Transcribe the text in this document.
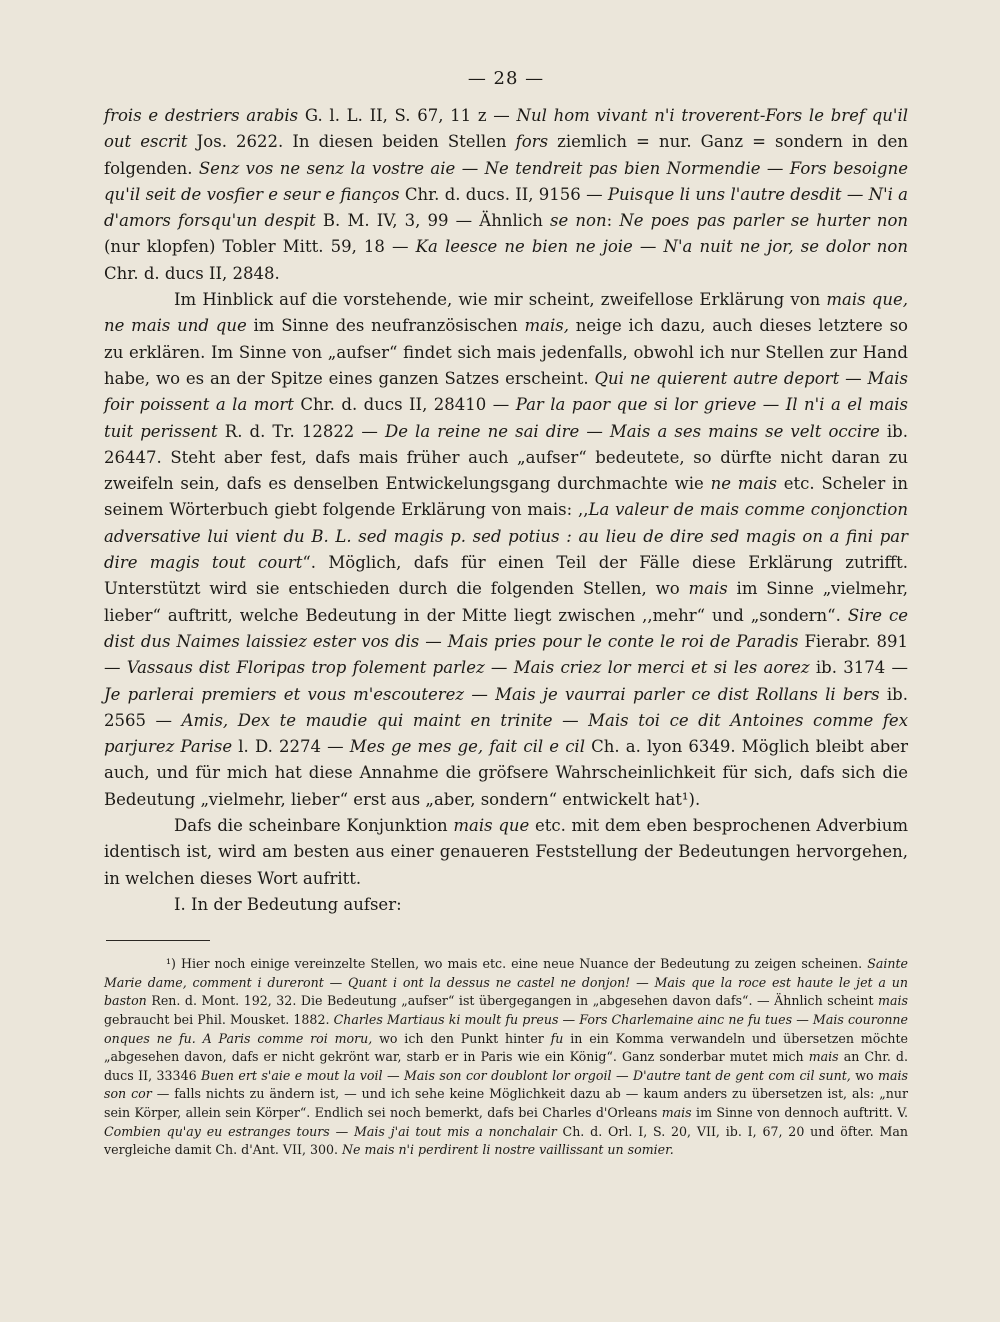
— 28 —

frois e destriers arabis G. l. L. II, S. 67, 11 z — Nul hom vivant n'i troverent-Fors le bref qu'il out escrit Jos. 2622. In diesen beiden Stellen fors ziemlich = nur. Ganz = sondern in den folgenden. Senz vos ne senz la vostre aie — Ne tendreit pas bien Normendie — Fors besoigne qu'il seit de vosfier e seur e fianços Chr. d. ducs. II, 9156 — Puisque li uns l'autre desdit — N'i a d'amors forsqu'un despit B. M. IV, 3, 99 — Ähnlich se non: Ne poes pas parler se hurter non (nur klopfen) Tobler Mitt. 59, 18 — Ka leesce ne bien ne joie — N'a nuit ne jor, se dolor non Chr. d. ducs II, 2848.

Im Hinblick auf die vorstehende, wie mir scheint, zweifellose Erklärung von mais que, ne mais und que im Sinne des neufranzösischen mais, neige ich dazu, auch dieses letztere so zu erklären. Im Sinne von „aufser“ findet sich mais jedenfalls, obwohl ich nur Stellen zur Hand habe, wo es an der Spitze eines ganzen Satzes erscheint. Qui ne quierent autre deport — Mais foir poissent a la mort Chr. d. ducs II, 28410 — Par la paor que si lor grieve — Il n'i a el mais tuit perissent R. d. Tr. 12822 — De la reine ne sai dire — Mais a ses mains se velt occire ib. 26447. Steht aber fest, dafs mais früher auch „aufser“ bedeutete, so dürfte nicht daran zu zweifeln sein, dafs es denselben Entwickelungsgang durchmachte wie ne mais etc. Scheler in seinem Wörterbuch giebt folgende Erklärung von mais: ,,La valeur de mais comme conjonction adversative lui vient du B. L. sed magis p. sed potius : au lieu de dire sed magis on a fini par dire magis tout court“. Möglich, dafs für einen Teil der Fälle diese Erklärung zutrifft. Unterstützt wird sie entschieden durch die folgenden Stellen, wo mais im Sinne „vielmehr, lieber“ auftritt, welche Bedeutung in der Mitte liegt zwischen ,,mehr“ und „sondern“. Sire ce dist dus Naimes laissiez ester vos dis — Mais pries pour le conte le roi de Paradis Fierabr. 891 — Vassaus dist Floripas trop folement parlez — Mais criez lor merci et si les aorez ib. 3174 — Je parlerai premiers et vous m'escouterez — Mais je vaurrai parler ce dist Rollans li bers ib. 2565 — Amis, Dex te maudie qui maint en trinite — Mais toi ce dit Antoines comme fex parjurez Parise l. D. 2274 — Mes ge mes ge, fait cil e cil Ch. a. lyon 6349. Möglich bleibt aber auch, und für mich hat diese Annahme die gröfsere Wahrscheinlichkeit für sich, dafs sich die Bedeutung „vielmehr, lieber“ erst aus „aber, sondern“ entwickelt hat¹).

Dafs die scheinbare Konjunktion mais que etc. mit dem eben besprochenen Adverbium identisch ist, wird am besten aus einer genaueren Feststellung der Bedeutungen hervorgehen, in welchen dieses Wort aufritt.

I. In der Bedeutung aufser:

¹) Hier noch einige vereinzelte Stellen, wo mais etc. eine neue Nuance der Bedeutung zu zeigen scheinen. Sainte Marie dame, comment i dureront — Quant i ont la dessus ne castel ne donjon! — Mais que la roce est haute le jet a un baston Ren. d. Mont. 192, 32. Die Bedeutung „aufser“ ist übergegangen in „abgesehen davon dafs“. — Ähnlich scheint mais gebraucht bei Phil. Mousket. 1882. Charles Martiaus ki moult fu preus — Fors Charlemaine ainc ne fu tues — Mais couronne onques ne fu. A Paris comme roi moru, wo ich den Punkt hinter fu in ein Komma verwandeln und übersetzen möchte „abgesehen davon, dafs er nicht gekrönt war, starb er in Paris wie ein König“. Ganz sonderbar mutet mich mais an Chr. d. ducs II, 33346 Buen ert s'aie e mout la voil — Mais son cor doublont lor orgoil — D'autre tant de gent com cil sunt, wo mais son cor — falls nichts zu ändern ist, — und ich sehe keine Möglichkeit dazu ab — kaum anders zu übersetzen ist, als: „nur sein Körper, allein sein Körper“. Endlich sei noch bemerkt, dafs bei Charles d'Orleans mais im Sinne von dennoch auftritt. V. Combien qu'ay eu estranges tours — Mais j'ai tout mis a nonchalair Ch. d. Orl. I, S. 20, VII, ib. I, 67, 20 und öfter. Man vergleiche damit Ch. d'Ant. VII, 300. Ne mais n'i perdirent li nostre vaillissant un somier.
